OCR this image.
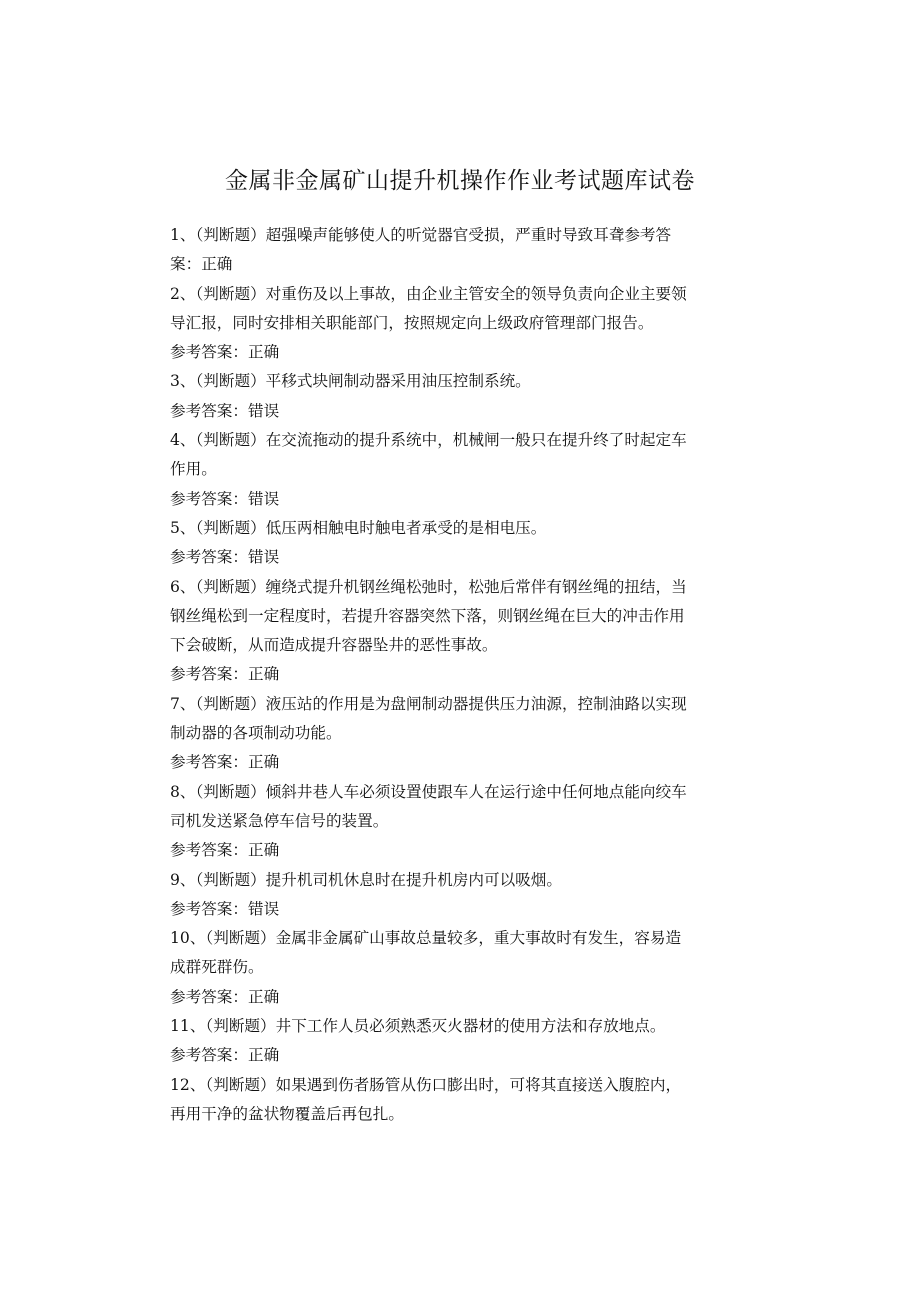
金属非金属矿山提升机操作作业考试题库试卷
1、（判断题）超强噪声能够使人的听觉器官受损，严重时导致耳聋参考答
案：正确
2、（判断题）对重伤及以上事故，由企业主管安全的领导负责向企业主要领
导汇报，同时安排相关职能部门，按照规定向上级政府管理部门报告。
参考答案：正确
3、（判断题）平移式块闸制动器采用油压控制系统。
参考答案：错误
4、（判断题）在交流拖动的提升系统中，机械闸一般只在提升终了时起定车
作用。
参考答案：错误
5、（判断题）低压两相触电时触电者承受的是相电压。
参考答案：错误
6、（判断题）缠绕式提升机钢丝绳松弛时，松弛后常伴有钢丝绳的扭结，当
钢丝绳松到一定程度时，若提升容器突然下落，则钢丝绳在巨大的冲击作用
下会破断，从而造成提升容器坠井的恶性事故。
参考答案：正确
7、（判断题）液压站的作用是为盘闸制动器提供压力油源，控制油路以实现
制动器的各项制动功能。
参考答案：正确
8、（判断题）倾斜井巷人车必须设置使跟车人在运行途中任何地点能向绞车
司机发送紧急停车信号的装置。
参考答案：正确
9、（判断题）提升机司机休息时在提升机房内可以吸烟。
参考答案：错误
10、（判断题）金属非金属矿山事故总量较多，重大事故时有发生，容易造
成群死群伤。
参考答案：正确
11、（判断题）井下工作人员必须熟悉灭火器材的使用方法和存放地点。
参考答案：正确
12、（判断题）如果遇到伤者肠管从伤口膨出时，可将其直接送入腹腔内，
再用干净的盆状物覆盖后再包扎。
